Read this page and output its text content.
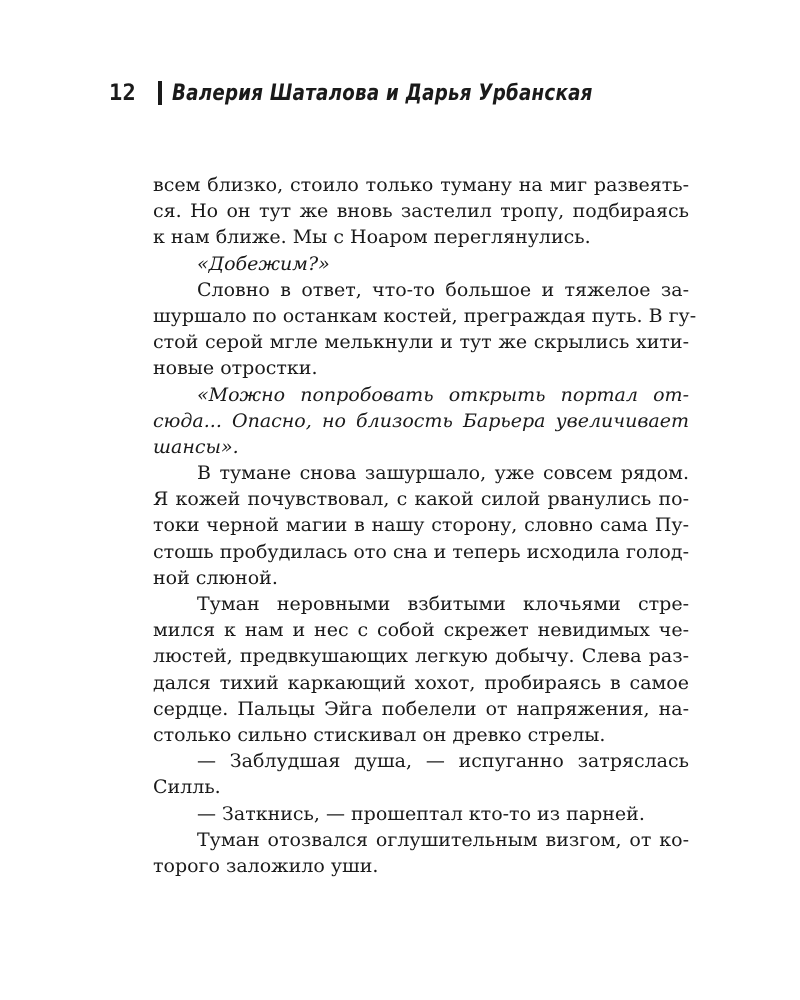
12 Валерия Шаталова и Дарья Урбанская
всем близко, стоило только туману на миг развеять-
ся. Но он тут же вновь застелил тропу, подбираясь
к нам ближе. Мы с Ноаром переглянулись.
«Добежим?»
Словно в ответ, что-то большое и тяжелое за-
шуршало по останкам костей, преграждая путь. В гу-
стой серой мгле мелькнули и тут же скрылись хити-
новые отростки.
«Можно попробовать открыть портал от-
сюда... Опасно, но близость Барьера увеличивает
шансы».
В тумане снова зашуршало, уже совсем рядом.
Я кожей почувствовал, с какой силой рванулись по-
токи черной магии в нашу сторону, словно сама Пу-
стошь пробудилась ото сна и теперь исходила голод-
ной слюной.
Туман неровными взбитыми клочьями стре-
мился к нам и нес с собой скрежет невидимых че-
люстей, предвкушающих легкую добычу. Слева раз-
дался тихий каркающий хохот, пробираясь в самое
сердце. Пальцы Эйга побелели от напряжения, на-
столько сильно стискивал он древко стрелы.
— Заблудшая душа, — испуганно затряслась
Силль.
— Заткнись, — прошептал кто-то из парней.
Туман отозвался оглушительным визгом, от ко-
торого заложило уши.
